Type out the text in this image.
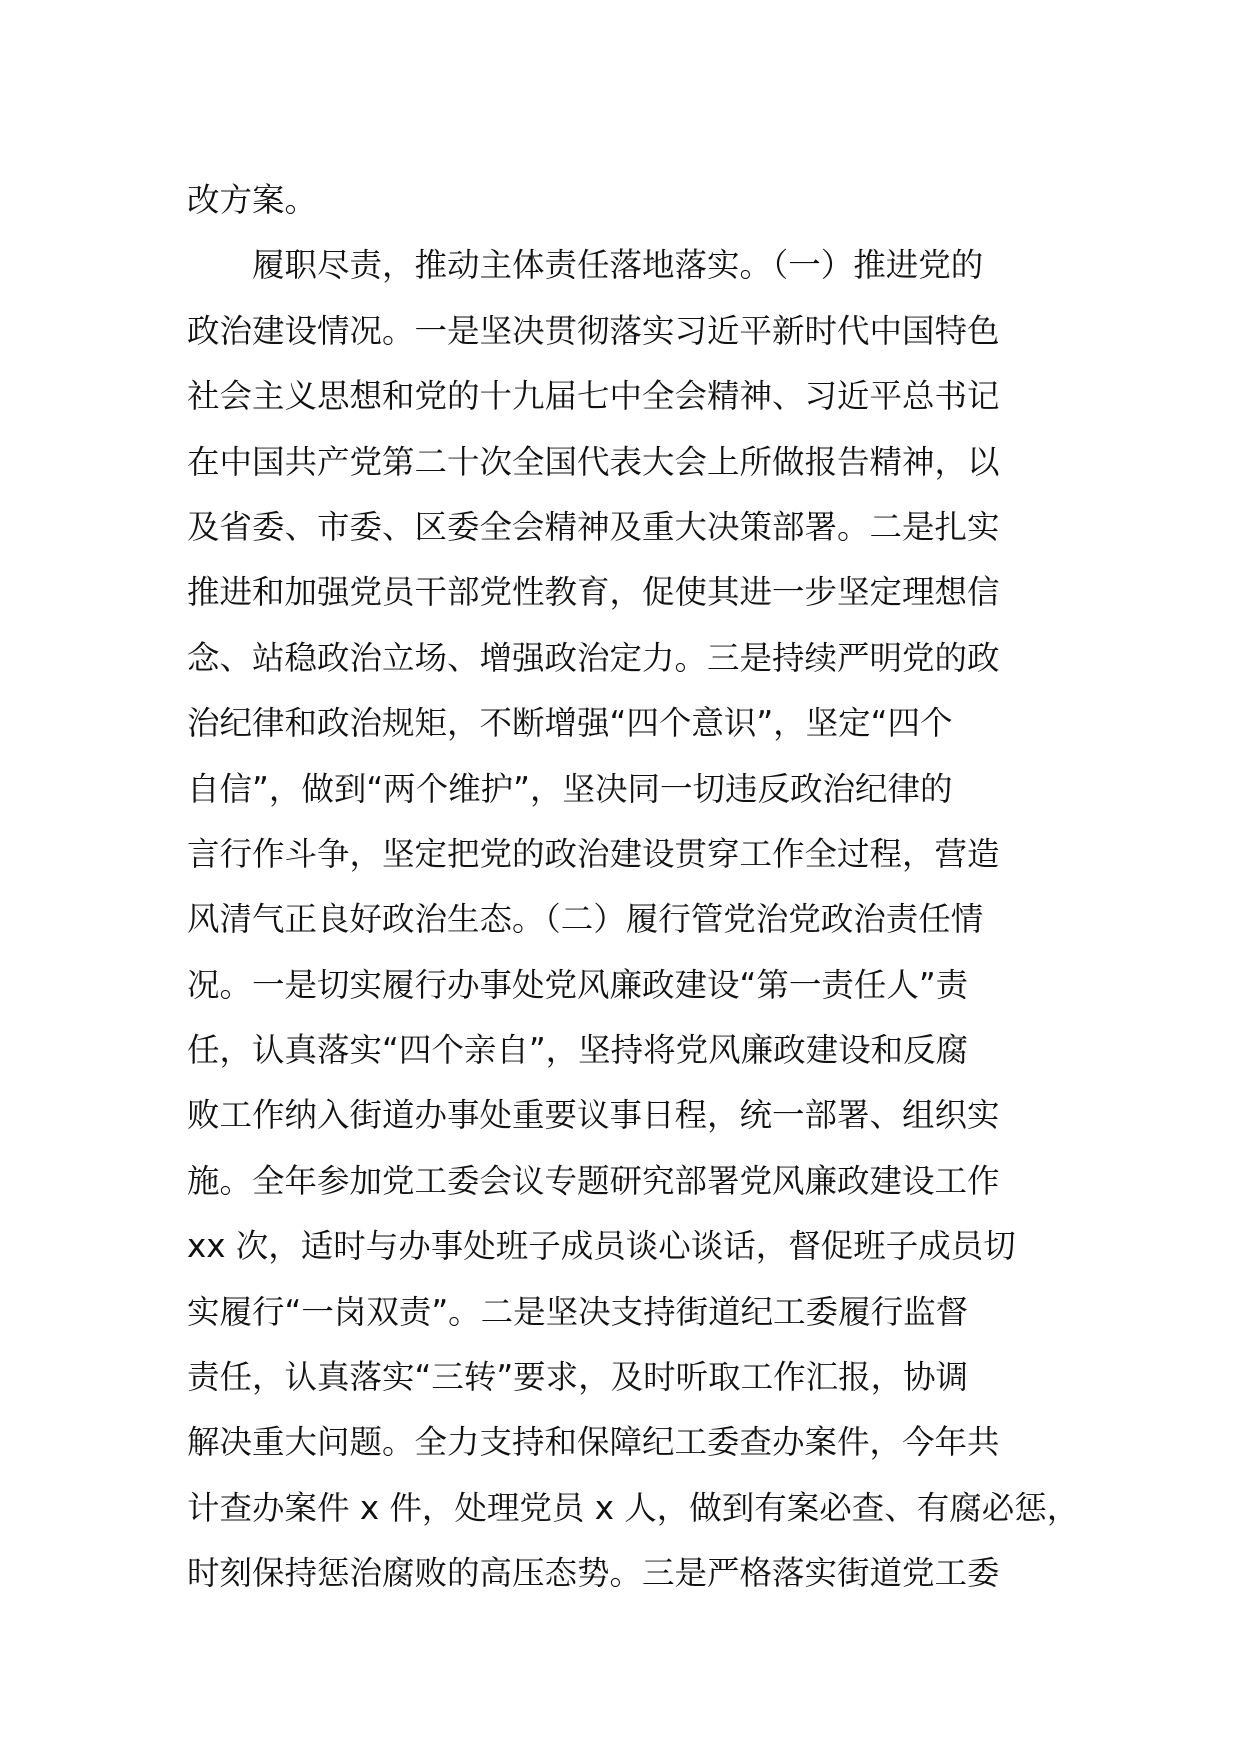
改方案。
　　履职尽责，推动主体责任落地落实。（一）推进党的
政治建设情况。一是坚决贯彻落实习近平新时代中国特色
社会主义思想和党的十九届七中全会精神、习近平总书记
在中国共产党第二十次全国代表大会上所做报告精神，以
及省委、市委、区委全会精神及重大决策部署。二是扎实
推进和加强党员干部党性教育，促使其进一步坚定理想信
念、站稳政治立场、增强政治定力。三是持续严明党的政
治纪律和政治规矩，不断增强“四个意识”，坚定“四个
自信”，做到“两个维护”，坚决同一切违反政治纪律的
言行作斗争，坚定把党的政治建设贯穿工作全过程，营造
风清气正良好政治生态。（二）履行管党治党政治责任情
况。一是切实履行办事处党风廉政建设“第一责任人”责
任，认真落实“四个亲自”，坚持将党风廉政建设和反腐
败工作纳入街道办事处重要议事日程，统一部署、组织实
施。全年参加党工委会议专题研究部署党风廉政建设工作
xx 次，适时与办事处班子成员谈心谈话，督促班子成员切
实履行“一岗双责”。二是坚决支持街道纪工委履行监督
责任，认真落实“三转”要求，及时听取工作汇报，协调
解决重大问题。全力支持和保障纪工委查办案件，今年共
计查办案件 x 件，处理党员 x 人，做到有案必查、有腐必惩，
时刻保持惩治腐败的高压态势。三是严格落实街道党工委
